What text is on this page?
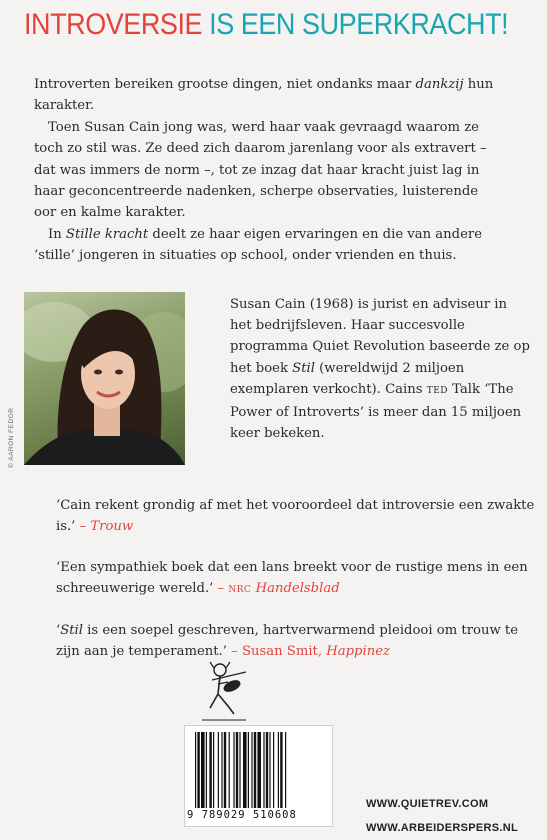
INTROVERSIE IS EEN SUPERKRACHT!

Introverten bereiken grootse dingen, niet ondanks maar dankzij hun karakter.

Toen Susan Cain jong was, werd haar vaak gevraagd waarom ze toch zo stil was. Ze deed zich daarom jarenlang voor als extravert – dat was immers de norm –, tot ze inzag dat haar kracht juist lag in haar geconcentreerde nadenken, scherpe observaties, luisterende oor en kalme karakter.

In Stille kracht deelt ze haar eigen ervaringen en die van andere ‘stille’ jongeren in situaties op school, onder vrienden en thuis.

© AARON FEDOR
Susan Cain (1968) is jurist en adviseur in het bedrijfsleven. Haar succesvolle programma Quiet Revolution baseerde ze op het boek Stil (wereldwijd 2 miljoen exemplaren verkocht). Cains TED Talk ‘The Power of Introverts’ is meer dan 15 miljoen keer bekeken.

‘Cain rekent grondig af met het vooroordeel dat introversie een zwakte is.’ – Trouw

‘Een sympathiek boek dat een lans breekt voor de rustige mens in een schreeuwerige wereld.’ – NRC Handelsblad

‘Stil is een soepel geschreven, hartverwarmend pleidooi om trouw te zijn aan je temperament.’ – Susan Smit, Happinez

9 789029 510608
WWW.QUIETREV.COM
WWW.ARBEIDERSPERS.NL
